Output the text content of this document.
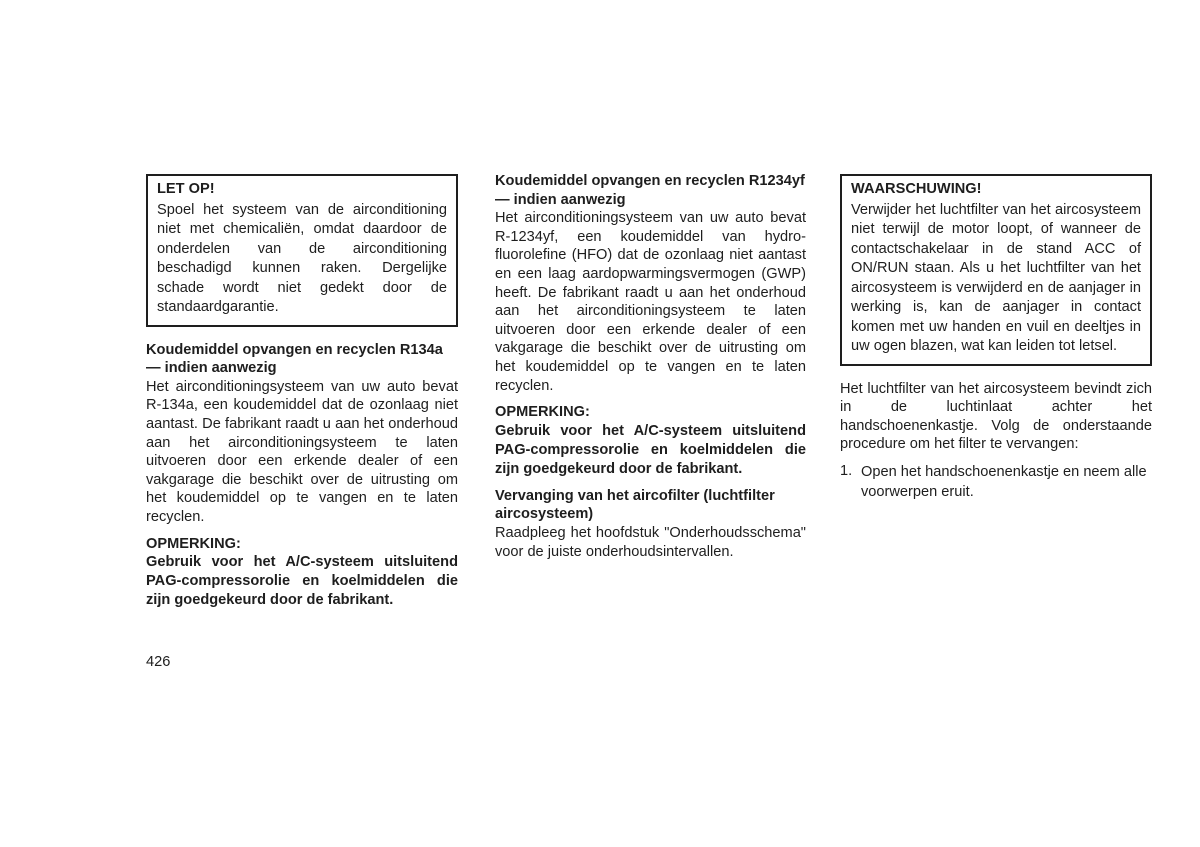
LET OP!

Spoel het systeem van de airconditioning niet met chemicaliën, omdat daardoor de onderdelen van de airconditioning beschadigd kunnen raken. Dergelijke schade wordt niet gedekt door de standaardgarantie.

Koudemiddel opvangen en recyclen R134a — indien aanwezig

Het airconditioningsysteem van uw auto bevat R-134a, een koudemiddel dat de ozonlaag niet aantast. De fabrikant raadt u aan het onderhoud aan het airconditioningsysteem te laten uitvoeren door een erkende dealer of een vakgarage die beschikt over de uitrusting om het koudemiddel op te vangen en te laten recyclen.

OPMERKING:

Gebruik voor het A/C-systeem uitsluitend PAG-compressorolie en koelmiddelen die zijn goedgekeurd door de fabrikant.

Koudemiddel opvangen en recyclen R1234yf — indien aanwezig

Het airconditioningsysteem van uw auto bevat R-1234yf, een koudemiddel van hydro-fluorolefine (HFO) dat de ozonlaag niet aantast en een laag aardopwarmingsvermogen (GWP) heeft. De fabrikant raadt u aan het onderhoud aan het airconditioningsysteem te laten uitvoeren door een erkende dealer of een vakgarage die beschikt over de uitrusting om het koudemiddel op te vangen en te laten recyclen.

OPMERKING:

Gebruik voor het A/C-systeem uitsluitend PAG-compressorolie en koelmiddelen die zijn goedgekeurd door de fabrikant.

Vervanging van het aircofilter (luchtfilter aircosysteem)

Raadpleeg het hoofdstuk "Onderhoudsschema" voor de juiste onderhoudsintervallen.

WAARSCHUWING!

Verwijder het luchtfilter van het aircosysteem niet terwijl de motor loopt, of wanneer de contactschakelaar in de stand ACC of ON/RUN staan. Als u het luchtfilter van het aircosysteem is verwijderd en de aanjager in werking is, kan de aanjager in contact komen met uw handen en vuil en deeltjes in uw ogen blazen, wat kan leiden tot letsel.

Het luchtfilter van het aircosysteem bevindt zich in de luchtinlaat achter het handschoenenkastje. Volg de onderstaande procedure om het filter te vervangen:

1. Open het handschoenenkastje en neem alle voorwerpen eruit.
426
